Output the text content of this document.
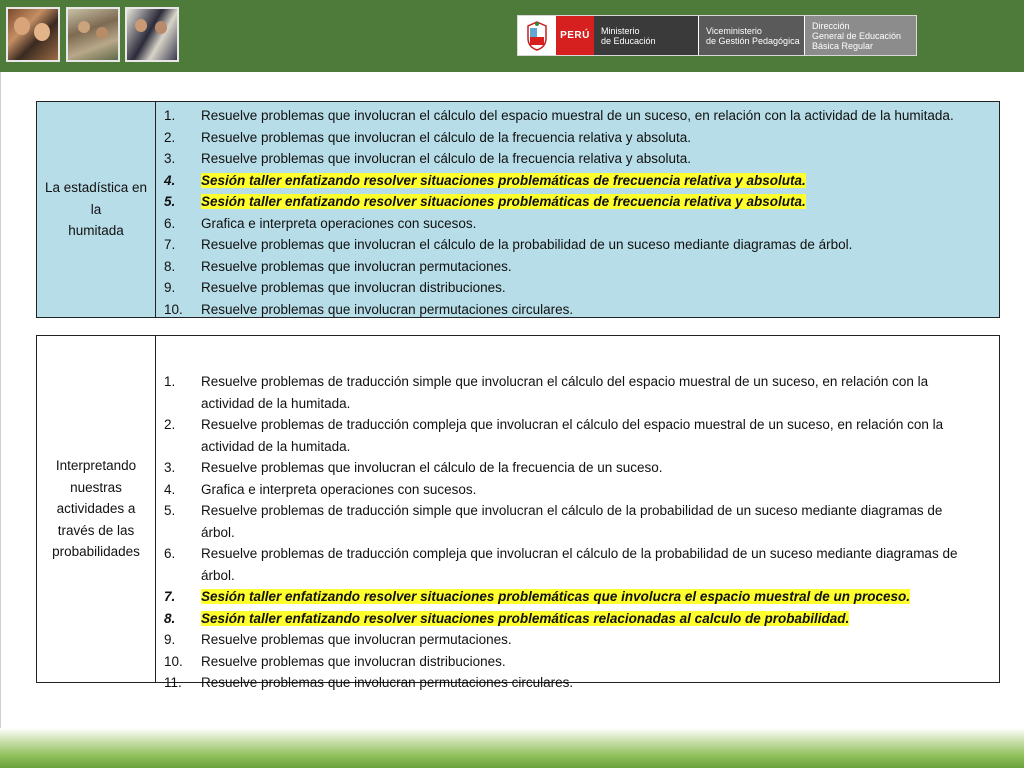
PERÚ	Ministerio
de Educación
Viceministerio
de Gestión Pedagógica
Dirección
General de Educación
Básica Regular
La estadística en
la
humitada
1.	Resuelve problemas que involucran el cálculo del espacio muestral de un suceso, en relación con la actividad de la humitada.
2.	Resuelve problemas que involucran el cálculo de la frecuencia relativa y absoluta.
3.	Resuelve problemas que involucran el cálculo de la frecuencia relativa y absoluta.
4.	Sesión taller enfatizando resolver situaciones problemáticas de frecuencia relativa y absoluta.
5.	Sesión taller enfatizando resolver situaciones problemáticas de frecuencia relativa y absoluta.
6.	Grafica e interpreta operaciones con sucesos.
7.	Resuelve problemas que involucran el cálculo de la probabilidad de un suceso mediante diagramas de árbol.
8.	Resuelve problemas que involucran permutaciones.
9.	Resuelve problemas que involucran distribuciones.
10.	Resuelve problemas que involucran permutaciones circulares.
Interpretando
nuestras
actividades a
través de las
probabilidades
1.	Resuelve problemas de traducción simple que involucran el cálculo del espacio muestral de un suceso, en relación con la actividad de la humitada.
2.	Resuelve problemas de traducción compleja que involucran el cálculo del espacio muestral de un suceso, en relación con la actividad de la humitada.
3.	Resuelve problemas que involucran el cálculo de la frecuencia de un suceso.
4.	Grafica e interpreta operaciones con sucesos.
5.	Resuelve problemas de traducción simple que involucran el cálculo de la probabilidad de un suceso mediante diagramas de árbol.
6.	Resuelve problemas de traducción compleja que involucran el cálculo de la probabilidad de un suceso mediante diagramas de árbol.
7.	Sesión taller enfatizando resolver situaciones problemáticas que involucra el espacio muestral de un proceso.
8.	Sesión taller enfatizando resolver situaciones problemáticas relacionadas al calculo de probabilidad.
9.	Resuelve problemas que involucran permutaciones.
10.	Resuelve problemas que involucran distribuciones.
11.	Resuelve problemas que involucran permutaciones circulares.
